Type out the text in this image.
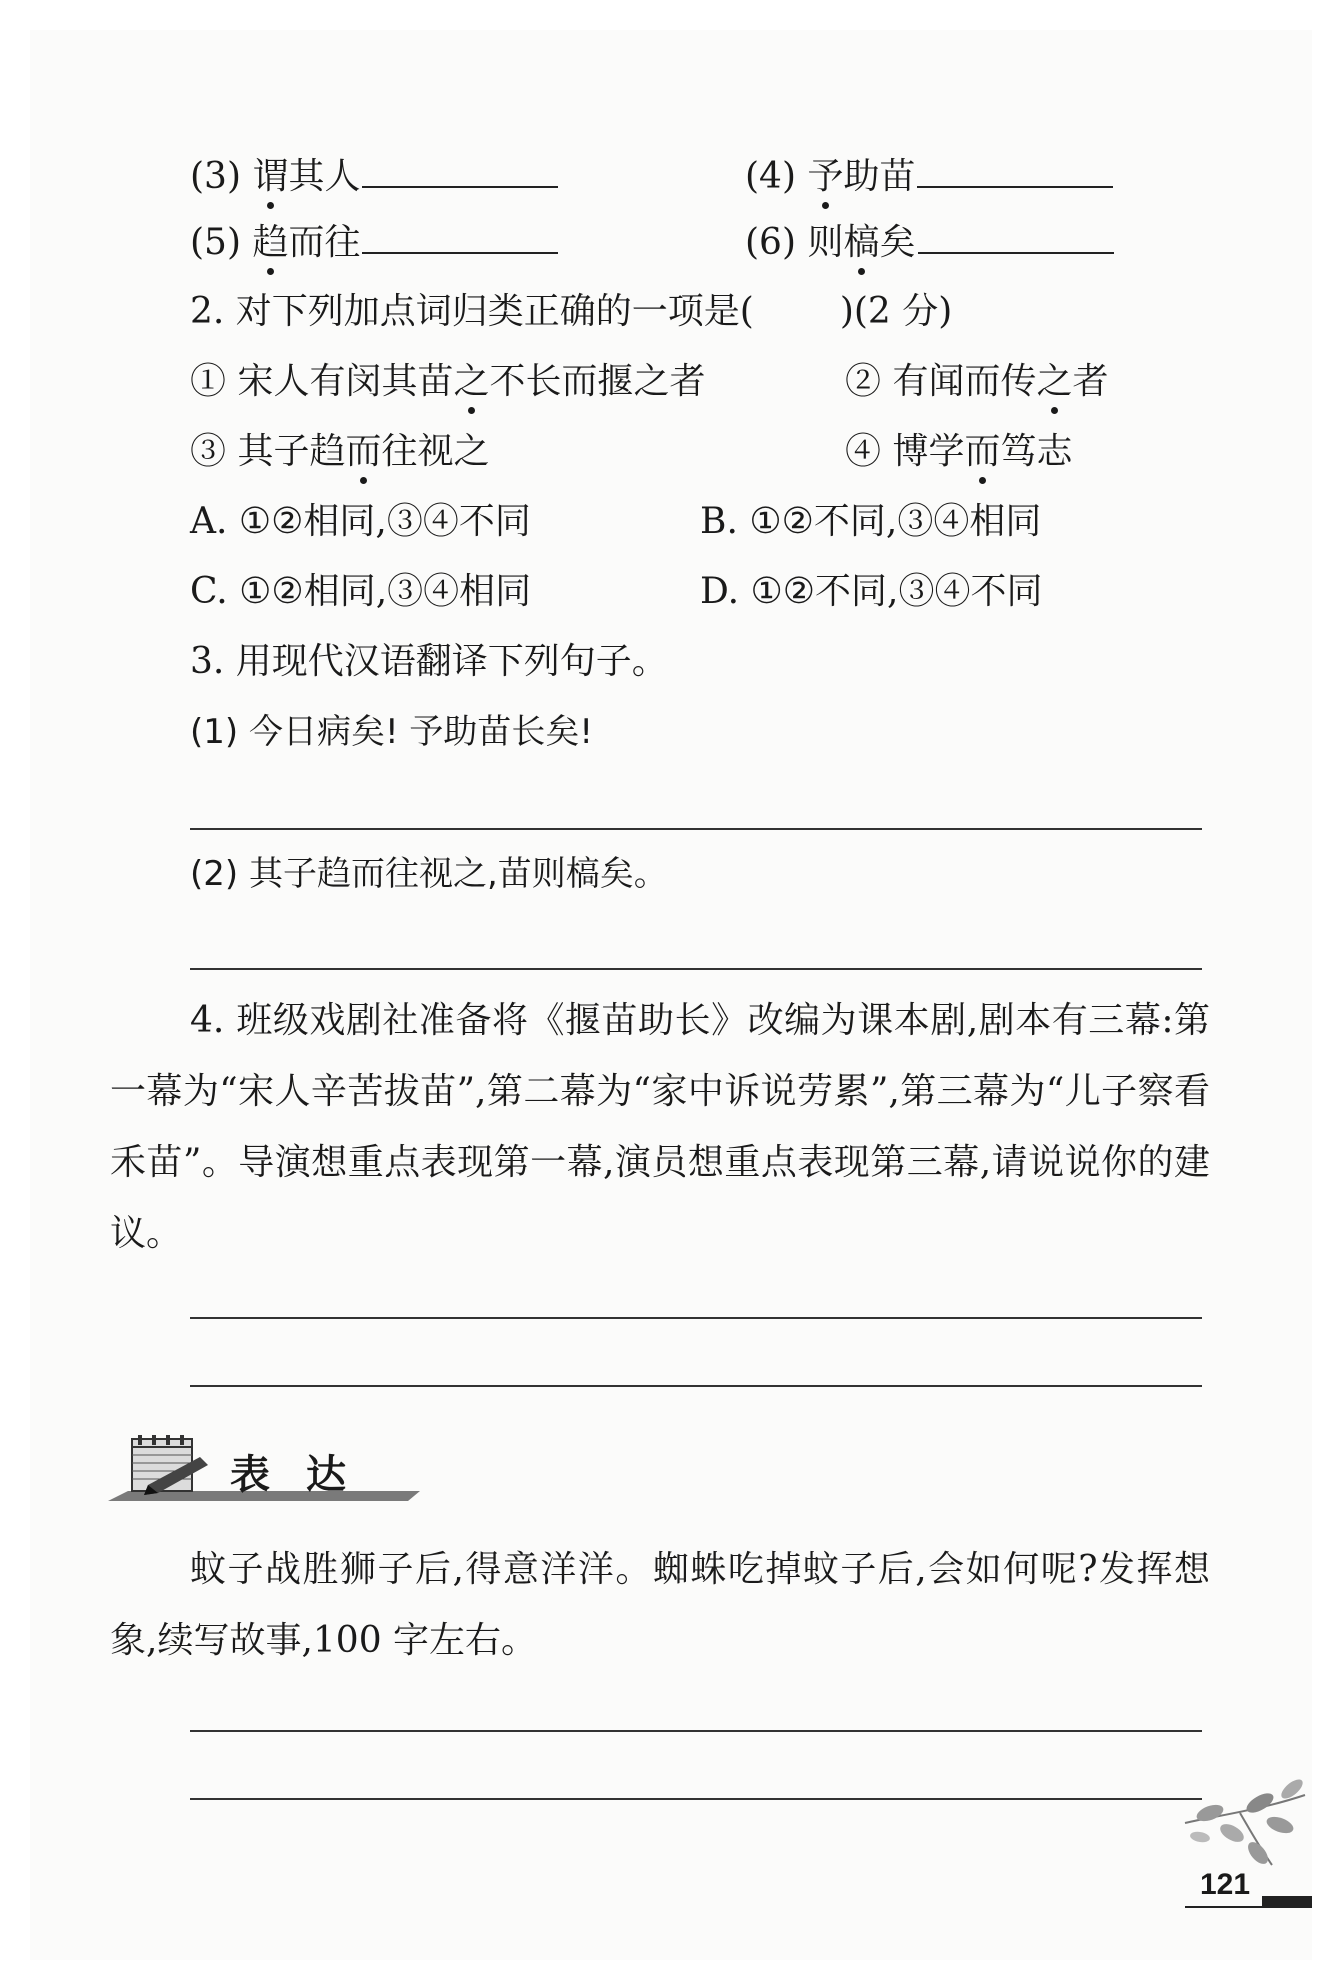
(3) 谓其人	(4) 予助苗
(5) 趋而往	(6) 则槁矣
2. 对下列加点词归类正确的一项是( )(2 分)
① 宋人有闵其苗之不长而揠之者	② 有闻而传之者
③ 其子趋而往视之	④ 博学而笃志
A. ①②相同,③④不同	B. ①②不同,③④相同
C. ①②相同,③④相同	D. ①②不同,③④不同
3. 用现代汉语翻译下列句子。
(1) 今日病矣! 予助苗长矣!
(2) 其子趋而往视之,苗则槁矣。
4. 班级戏剧社准备将《揠苗助长》改编为课本剧,剧本有三幕:第一幕为“宋人辛苦拔苗”,第二幕为“家中诉说劳累”,第三幕为“儿子察看禾苗”。导演想重点表现第一幕,演员想重点表现第三幕,请说说你的建议。
表达
蚊子战胜狮子后,得意洋洋。蜘蛛吃掉蚊子后,会如何呢?发挥想象,续写故事,100 字左右。
121
